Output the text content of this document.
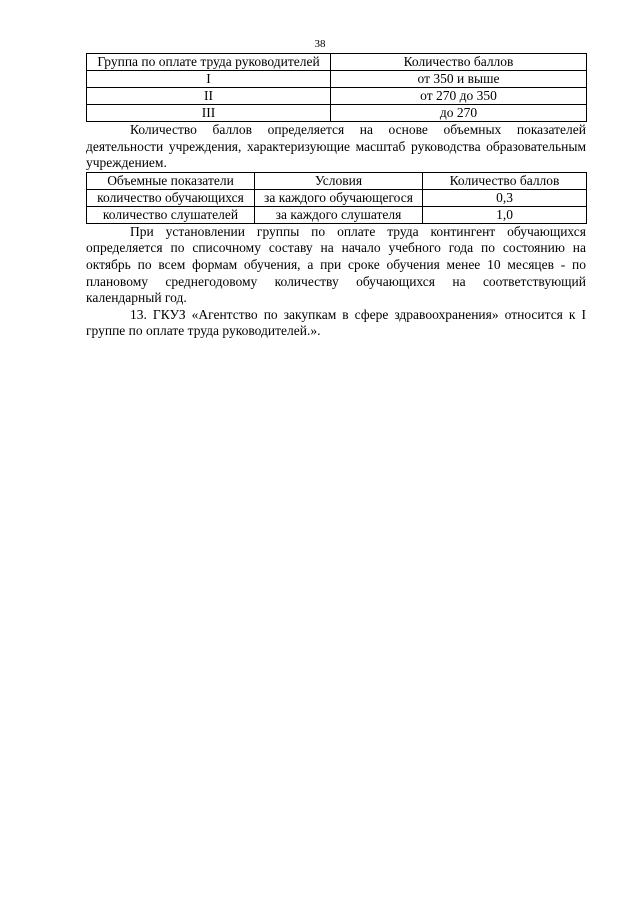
38
Группа по оплате труда руководителей	Количество баллов
I	от 350 и выше
II	от 270 до 350
III	до 270

Количество баллов определяется на основе объемных показателей деятельности учреждения, характеризующие масштаб руководства образовательным учреждением.

Объемные показатели	Условия	Количество баллов
количество обучающихся	за каждого обучающегося	0,3
количество слушателей	за каждого слушателя	1,0

При установлении группы по оплате труда контингент обучающихся определяется по списочному составу на начало учебного года по состоянию на октябрь по всем формам обучения, а при сроке обучения менее 10 месяцев - по плановому среднегодовому количеству обучающихся на соответствующий календарный год.

13. ГКУЗ «Агентство по закупкам в сфере здравоохранения» относится к I группе по оплате труда руководителей.».
